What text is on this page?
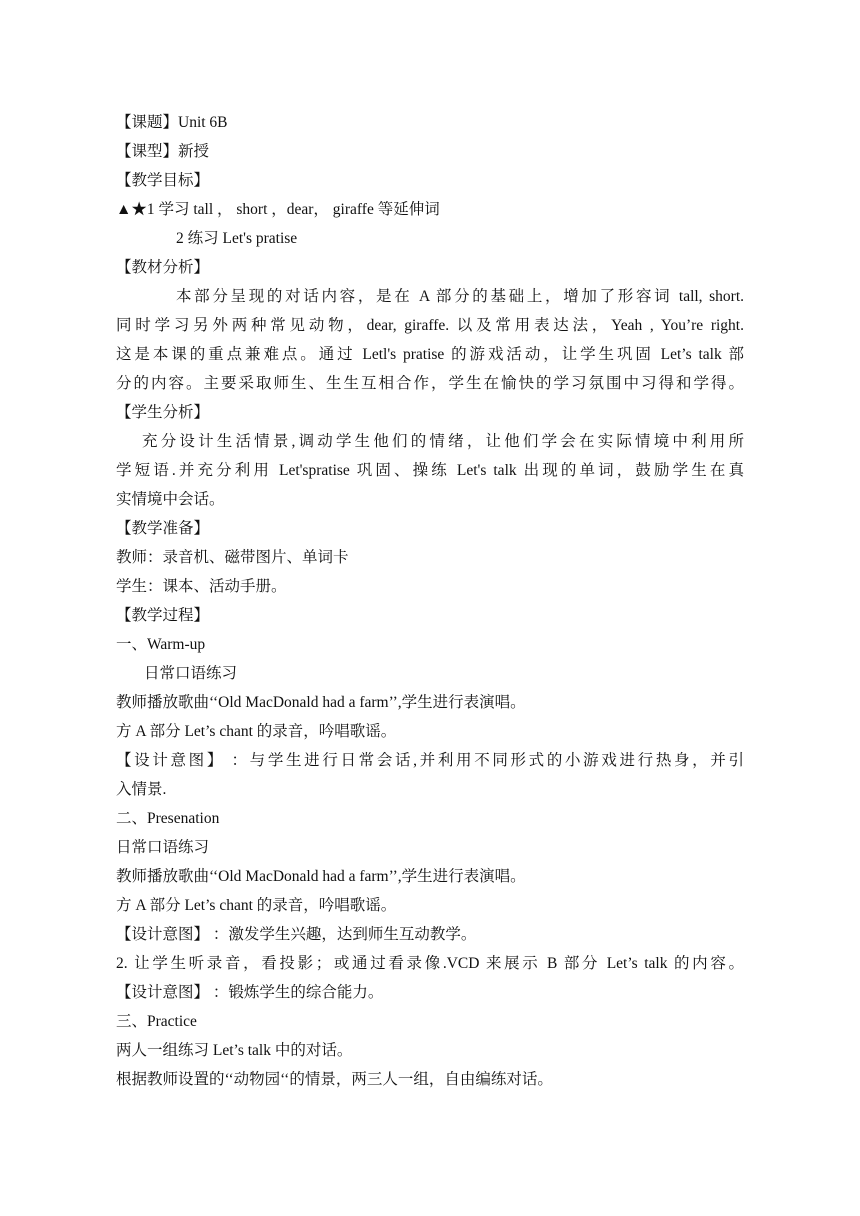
【课题】Unit 6B
【课型】新授
【教学目标】
▲★1 学习 tall ， short ，dear， giraffe 等延伸词
2 练习 Let's pratise
【教材分析】
本部分呈现的对话内容，是在 A 部分的基础上，增加了形容词 tall, short.
同时学习另外两种常见动物，dear, giraffe. 以及常用表达法，Yeah , You’re right.
这是本课的重点兼难点。通过 Letl's pratise 的游戏活动，让学生巩固 Let’s talk 部
分的内容。主要采取师生、生生互相合作，学生在愉快的学习氛围中习得和学得。
【学生分析】
充分设计生活情景,调动学生他们的情绪，让他们学会在实际情境中利用所
学短语.并充分利用 Let'spratise 巩固、操练 Let's talk 出现的单词，鼓励学生在真
实情境中会话。
【教学准备】
教师：录音机、磁带图片、单词卡
学生：课本、活动手册。
【教学过程】
一、Warm-up
日常口语练习
教师播放歌曲‘‘Old MacDonald had a farm’’,学生进行表演唱。
方 A 部分 Let’s chant 的录音，吟唱歌谣。
【设计意图】 ：与学生进行日常会话,并利用不同形式的小游戏进行热身，并引
入情景.
二、Presenation
日常口语练习
教师播放歌曲‘‘Old MacDonald had a farm’’,学生进行表演唱。
方 A 部分 Let’s chant 的录音，吟唱歌谣。
【设计意图】 ：激发学生兴趣，达到师生互动教学。
2. 让学生听录音，看投影；或通过看录像.VCD 来展示 B 部分 Let’s talk 的内容。
【设计意图】 ：锻炼学生的综合能力。
三、Practice
两人一组练习 Let’s talk 中的对话。
根据教师设置的‘‘动物园‘‘的情景，两三人一组，自由编练对话。
